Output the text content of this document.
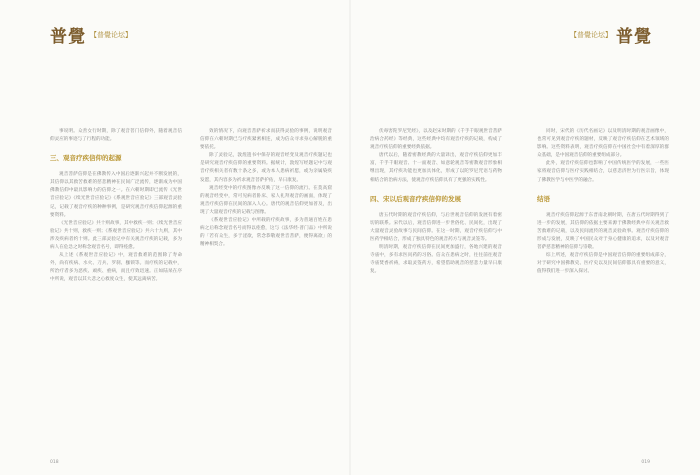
普覺 【普覺论坛】	【普覺论坛】 普覺

事说明。众善女行时期，除了观音菩门信仰外，随着观音信仰灵应的事迹与了行程的功能。

三、观音疗疾信仰的起源

观音菩萨信仰是在佛教传入中国后逐渐兴起并不断发展的，其信仰以其救苦救难的慈悲精神在民间广泛流传，逐渐成为中国佛教信仰中最具影响力的信仰之一。在六朝时期即已流传《光世音应验记》《续光世音应验记》《系观世音应验记》三部观音灵验记，记载了观音疗疾的种种事例，是研究观音疗疾信仰起源的重要资料。

《光世音应验记》共十则故事，其中救疾一则；《续光世音应验记》共十则，救疾一则；《系观世音应验记》共六十九则，其中涉及疾病者约十则。此三部灵验记中有关观音疗疾的记载，多为病人在危急之时称念观音名号，即得痊愈。

从上述《系观世音应验记》中，观音救难的范围除了寿命外，尚有疾病、水火、刀兵、罗刹、枷锁等。而疗疾的记载中，所治疗者多为恶疾、顽疾、重病，而且疗效迅速。正如陆杲在序中所说，观音以其大悲之心救度众生，使其远离病苦。

效的情况下，向观音菩萨祈求而获得灵验的事例，说明观音信仰在六朝时期已与疗疾紧密相连，成为信众寻求身心解脱的重要依托。

除了灵验记，敦煌遗书中保存的观音经变及观音疗疾题记也是研究观音疗疾信仰的重要资料。据统计，敦煌写经题记中与观音疗疾相关者有数十条之多，或为本人患病祈愿，或为亲属染疾发愿，其内容多为祈求观音菩萨护佑，早日康复。

观音经变中的疗疾图像亦反映了这一信仰的流行。在莫高窟的观音经变中，常可见病者卧床、家人礼拜观音的画面，体现了观音疗疾信仰在民间的深入人心。唐代的观音信仰更加普及，出现了大量观音疗疾的记载与图像。

《系观世音应验记》中所载的疗疾故事，多为普通百姓在患病之后称念观音名号而得以痊愈，这与《法华经·普门品》中所说的「若有众生，多于淫欲，常念恭敬观世音菩萨，便得离欲」的精神相契合。

伏毒害陀罗尼咒经》，以及赵宋时期的《千手千眼观世音菩萨治病合药经》等经典，这些经典中均有观音疗疾的记载，构成了观音疗疾信仰的重要经典依据。

唐代以后，随着密教经典的大量译出，观音疗疾信仰更加丰富，千手千眼观音、十一面观音、如意轮观音等密教观音形象相继出现，其疗疾功能也更加具体化，形成了以陀罗尼咒语与药物相结合的治病方法，使观音疗疾信仰具有了更强的实践性。

四、宋以后观音疗疾信仰的发展

唐五代时期的观音疗疾信仰，与后世观音信仰的发展有着密切的联系。宋代以后，观音信仰进一步世俗化、民间化，出现了大量观音灵验故事与民间信仰。在这一时期，观音疗疾信仰与中医药学相结合，形成了独具特色的观音药方与观音灵签等。

明清时期，观音疗疾信仰在民间更加盛行，各地兴建的观音寺庙中，多有求医问药的习俗。信众在患病之时，往往前往观音寺庙焚香祈祷，求取灵签药方，希望借助观音的慈悲力量早日康复。

同时，宋代的《历代名画记》以及明清时期的观音画像中，也常可见到观音疗疾的题材，反映了观音疗疾信仰在艺术领域的影响。这些资料表明，观音疗疾信仰在中国社会中有着深厚的群众基础，是中国观音信仰的重要组成部分。

此外，观音疗疾信仰也影响了中国传统医学的发展，一些医家将观音信仰与医疗实践相结合，以慈悲济世为行医宗旨，体现了佛教医学与中医学的融合。

结语

观音疗疾信仰起源于东晋南北朝时期，在唐五代时期得到了进一步的发展，其信仰的依据主要来源于佛教经典中有关观音救苦救难的记载，以及民间流传的观音灵验故事。观音疗疾信仰的形成与发展，反映了中国民众对于身心健康的追求，以及对观音菩萨慈悲精神的信仰与崇敬。

综上所述，观音疗疾信仰是中国观音信仰的重要组成部分，对于研究中国佛教史、医疗史以及民间信仰都具有重要的意义，值得我们进一步深入探讨。

018	019
